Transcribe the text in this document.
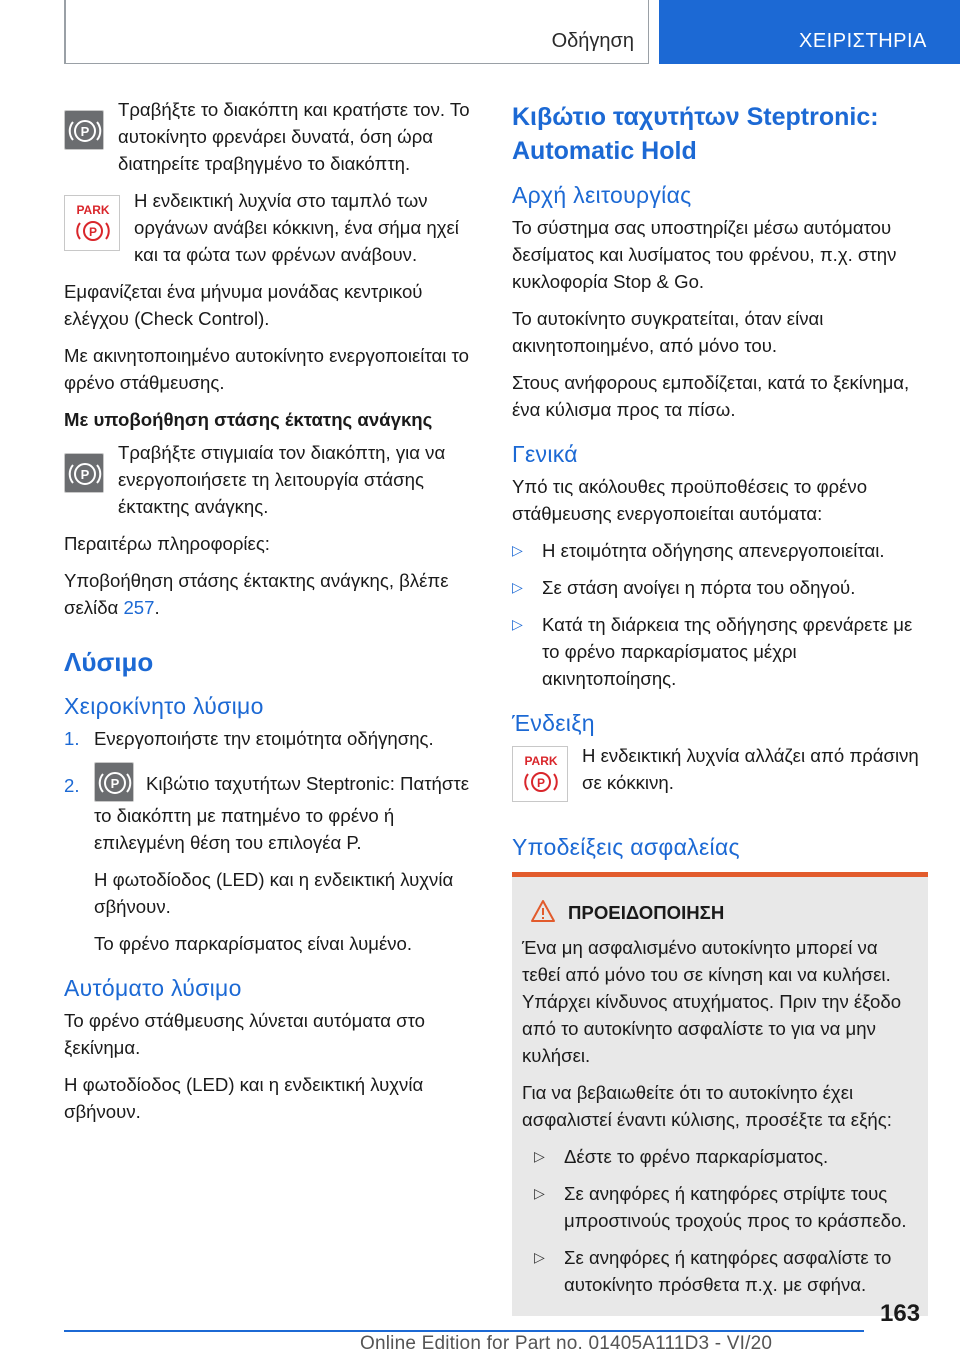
Οδήγηση	ΧΕΙΡΙΣΤΗΡΙΑ
P

Τραβήξτε το διακόπτη και κρατήστε τον. Το αυτοκίνητο φρενάρει δυνατά, όση ώρα διατηρείτε τραβηγμένο το διακόπτη.

PARK
P

Η ενδεικτική λυχνία στο ταμπλό των οργάνων ανάβει κόκκινη, ένα σήμα ηχεί και τα φώτα των φρένων ανάβουν.

Εμφανίζεται ένα μήνυμα μονάδας κεντρικού ελέγχου (Check Control).

Με ακινητοποιημένο αυτοκίνητο ενεργοποιείται το φρένο στάθμευσης.

Με υποβοήθηση στάσης έκτατης ανάγκης
P

Τραβήξτε στιγμιαία τον διακόπτη, για να ενεργοποιήσετε τη λειτουργία στάσης έκτακτης ανάγκης.

Περαιτέρω πληροφορίες:

Υποβοήθηση στάσης έκτακτης ανάγκης, βλέπε σελίδα 257.

Λύσιμο
Χειροκίνητο λύσιμο
1. Ενεργοποιήστε την ετοιμότητα οδήγησης.
2. P Κιβώτιο ταχυτήτων Steptronic: Πατήστε το διακόπτη με πατημένο το φρένο ή επιλεγμένη θέση του επιλογέα P.

Η φωτοδίοδος (LED) και η ενδεικτική λυχνία σβήνουν.

Το φρένο παρκαρίσματος είναι λυμένο.

Αυτόματο λύσιμο

Το φρένο στάθμευσης λύνεται αυτόματα στο ξεκίνημα.

Η φωτοδίοδος (LED) και η ενδεικτική λυχνία σβήνουν.

Κιβώτιο ταχυτήτων Steptronic: Automatic Hold
Αρχή λειτουργίας

Το σύστημα σας υποστηρίζει μέσω αυτόματου δεσίματος και λυσίματος του φρένου, π.χ. στην κυκλοφορία Stop & Go.

Το αυτοκίνητο συγκρατείται, όταν είναι ακινητοποιημένο, από μόνο του.

Στους ανήφορους εμποδίζεται, κατά το ξεκίνημα, ένα κύλισμα προς τα πίσω.

Γενικά

Υπό τις ακόλουθες προϋποθέσεις το φρένο στάθμευσης ενεργοποιείται αυτόματα:

▷ Η ετοιμότητα οδήγησης απενεργοποιείται.
▷ Σε στάση ανοίγει η πόρτα του οδηγού.
▷ Κατά τη διάρκεια της οδήγησης φρενάρετε με το φρένο παρκαρίσματος μέχρι ακινητοποίησης.
Ένδειξη
PARK
P

Η ενδεικτική λυχνία αλλάζει από πράσινη σε κόκκινη.

Υποδείξεις ασφαλείας
ΠΡΟΕΙΔΟΠΟΙΗΣΗ

Ένα μη ασφαλισμένο αυτοκίνητο μπορεί να τεθεί από μόνο του σε κίνηση και να κυλήσει. Υπάρχει κίνδυνος ατυχήματος. Πριν την έξοδο από το αυτοκίνητο ασφαλίστε το για να μην κυλήσει.

Για να βεβαιωθείτε ότι το αυτοκίνητο έχει ασφαλιστεί έναντι κύλισης, προσέξτε τα εξής:

▷ Δέστε το φρένο παρκαρίσματος.
▷ Σε ανηφόρες ή κατηφόρες στρίψτε τους μπροστινούς τροχούς προς το κράσπεδο.
▷ Σε ανηφόρες ή κατηφόρες ασφαλίστε το αυτοκίνητο πρόσθετα π.χ. με σφήνα.
163
Online Edition for Part no. 01405A111D3 - VI/20
